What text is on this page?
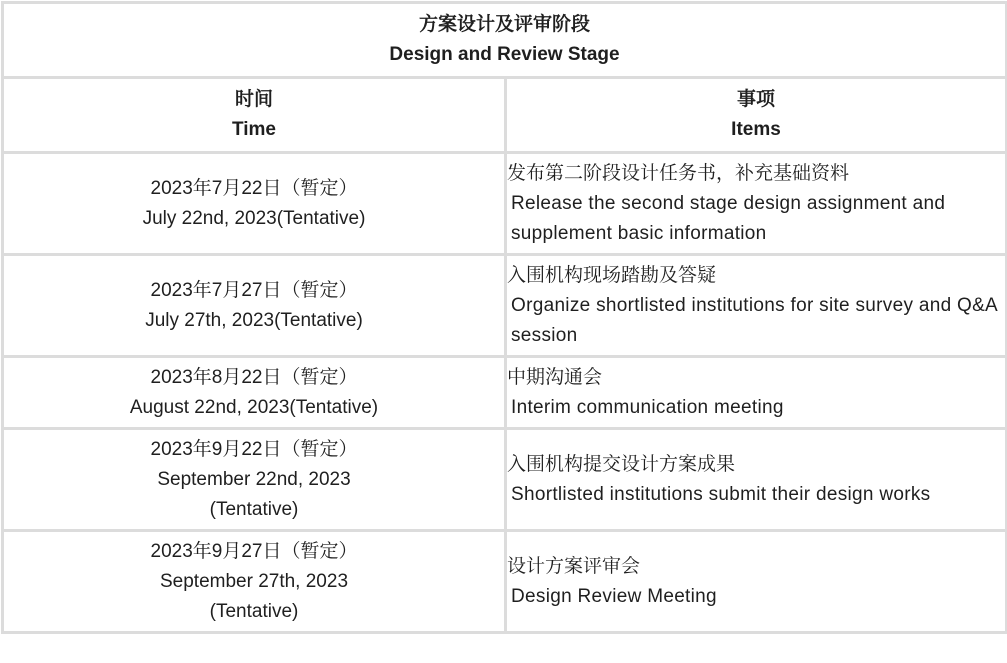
方案设计及评审阶段
Design and Review Stage	

时间
Time	事项
Items

2023年7月22日（暂定）
July 22nd, 2023(Tentative)	发布第二阶段设计任务书，补充基础资料
Release the second stage design assignment and supplement basic information

2023年7月27日（暂定）
July 27th, 2023(Tentative)	入围机构现场踏勘及答疑
Organize shortlisted institutions for site survey and Q&A session

2023年8月22日（暂定）
August 22nd, 2023(Tentative)	中期沟通会
Interim communication meeting

2023年9月22日（暂定）
September 22nd, 2023
(Tentative)	入围机构提交设计方案成果
Shortlisted institutions submit their design works

2023年9月27日（暂定）
September 27th, 2023
(Tentative)	设计方案评审会
Design Review Meeting
